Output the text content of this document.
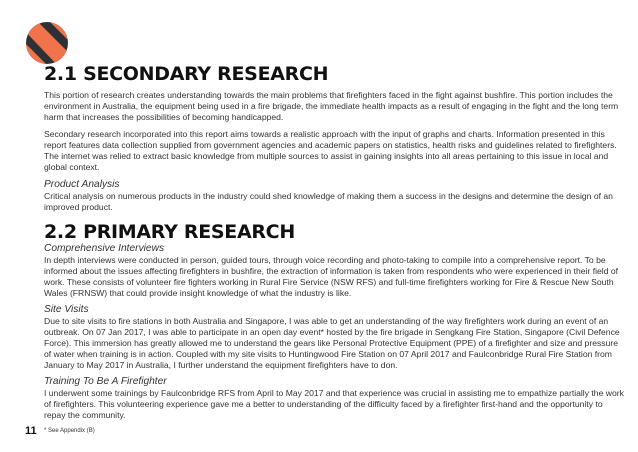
2.1 SECONDARY RESEARCH

This portion of research creates understanding towards the main problems that firefighters faced in the fight against bushfire. This portion includes the environment in Australia, the equipment being used in a fire brigade, the immediate health impacts as a result of engaging in the fight and the long term harm that increases the possibilities of becoming handicapped.

Secondary research incorporated into this report aims towards a realistic approach with the input of graphs and charts. Information presented in this report features data collection supplied from government agencies and academic papers on statistics, health risks and guidelines related to firefighters. The internet was relied to extract basic knowledge from multiple sources to assist in gaining insights into all areas pertaining to this issue in local and global context.

Product Analysis

Critical analysis on numerous products in the industry could shed knowledge of making them a success in the designs and determine the design of an improved product.

2.2 PRIMARY RESEARCH
Comprehensive Interviews

In depth interviews were conducted in person, guided tours, through voice recording and photo-taking to compile into a comprehensive report. To be informed about the issues affecting firefighters in bushfire, the extraction of information is taken from respondents who were experienced in their field of work. These consists of volunteer fire fighters working in Rural Fire Service (NSW RFS) and full-time firefighters working for Fire & Rescue New South Wales (FRNSW) that could provide insight knowledge of what the industry is like.

Site Visits

Due to site visits to fire stations in both Australia and Singapore, I was able to get an understanding of the way firefighters work during an event of an outbreak. On 07 Jan 2017, I was able to participate in an open day event* hosted by the fire brigade in Sengkang Fire Station, Singapore (Civil Defence Force). This immersion has greatly allowed me to understand the gears like Personal Protective Equipment (PPE) of a firefighter and size and pressure of water when training is in action. Coupled with my site visits to Huntingwood Fire Station on 07 April 2017 and Faulconbridge Rural Fire Station from January to May 2017 in Australia, I further understand the equipment firefighters have to don.

Training To Be A Firefighter

I underwent some trainings by Faulconbridge RFS from April to May 2017 and that experience was crucial in assisting me to empathize partially the work of firefighters. This volunteering experience gave me a better to understanding of the difficulty faced by a firefighter first-hand and the opportunity to repay the community.

11 * See Appendix (B)
